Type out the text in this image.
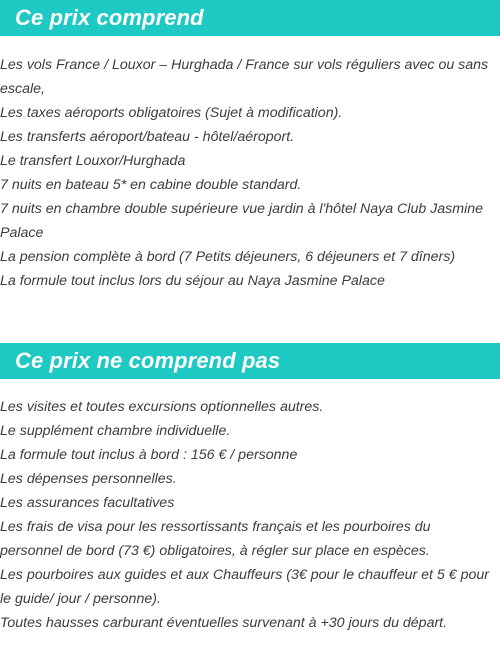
Ce prix comprend
Les vols France / Louxor – Hurghada / France sur vols réguliers avec ou sans escale,
Les taxes aéroports obligatoires (Sujet à modification).
Les transferts aéroport/bateau - hôtel/aéroport.
Le transfert Louxor/Hurghada
7 nuits en bateau 5* en cabine double standard.
7 nuits en chambre double supérieure vue jardin à l'hôtel Naya Club Jasmine Palace
La pension complète à bord (7 Petits déjeuners, 6 déjeuners et 7 dîners)
La formule tout inclus lors du séjour au Naya Jasmine Palace
Ce prix ne comprend pas
Les visites et toutes excursions optionnelles autres.
Le supplément chambre individuelle.
La formule tout inclus à bord : 156 € / personne
Les dépenses personnelles.
Les assurances facultatives
Les frais de visa pour les ressortissants français et les pourboires du personnel de bord (73 €) obligatoires, à régler sur place en espèces.
Les pourboires aux guides et aux Chauffeurs (3€ pour le chauffeur et 5 € pour le guide/ jour / personne).
Toutes hausses carburant éventuelles survenant à +30 jours du départ.
